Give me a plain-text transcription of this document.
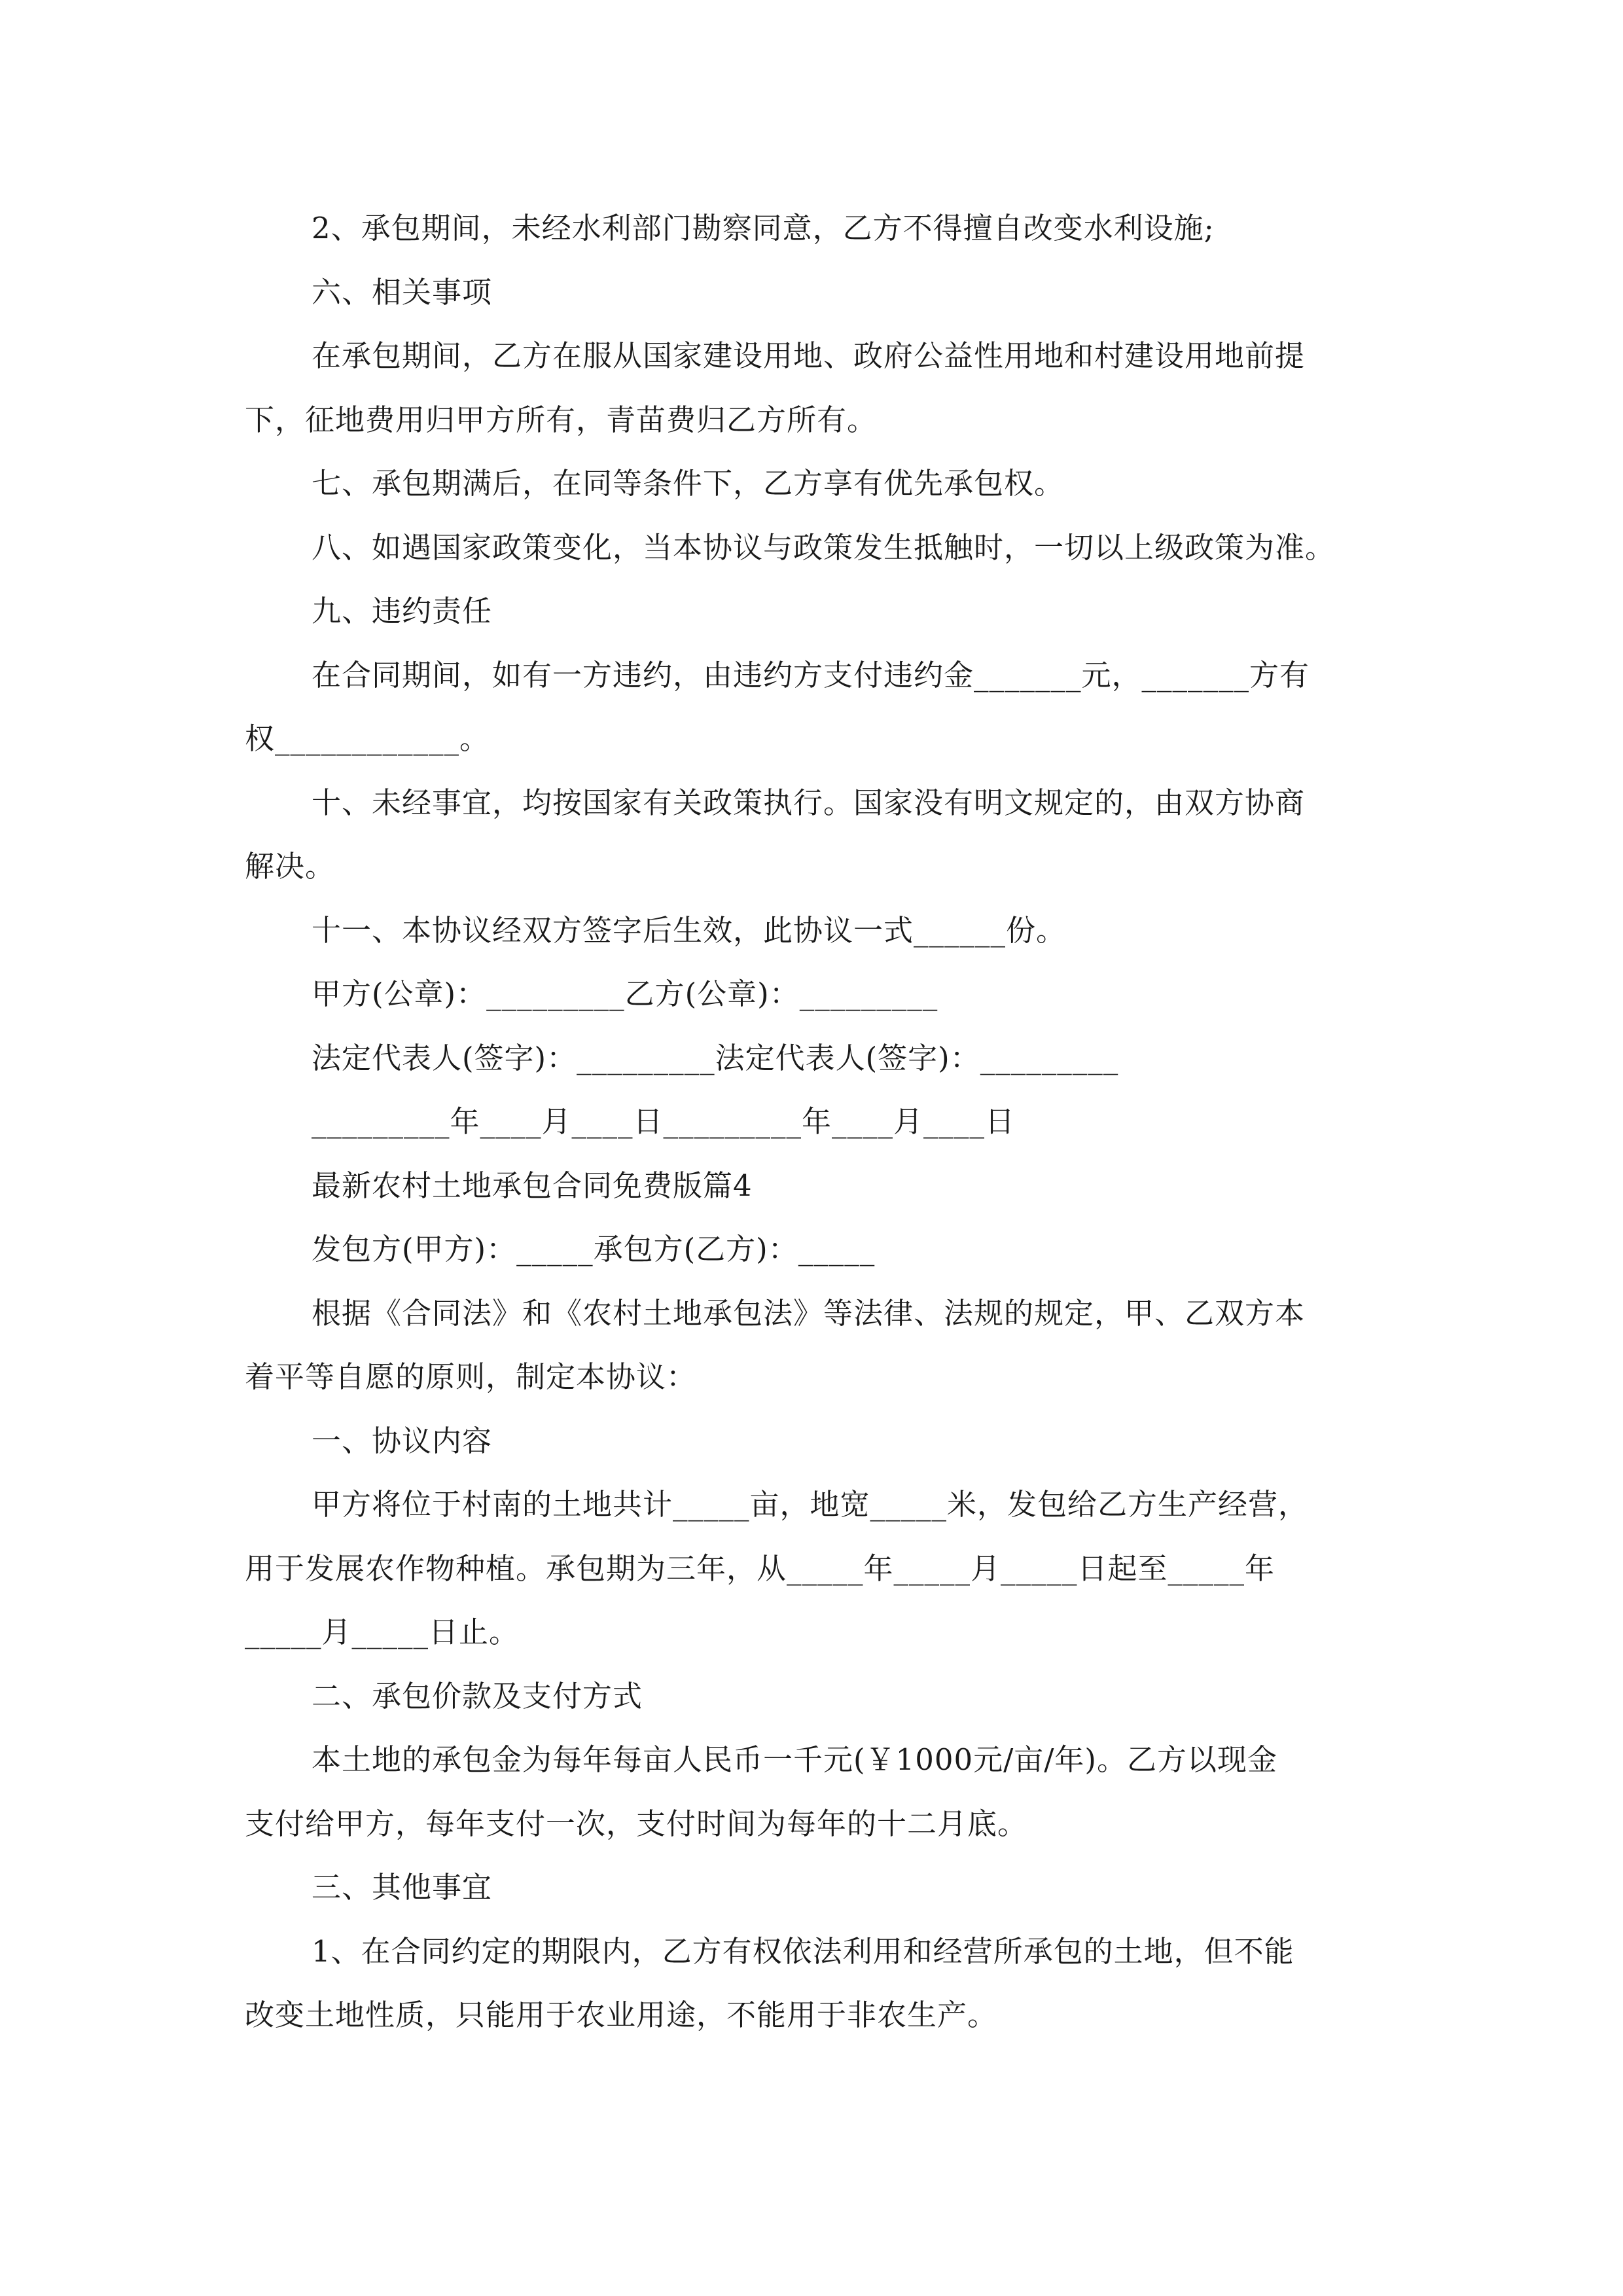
2、承包期间，未经水利部门勘察同意，乙方不得擅自改变水利设施;

六、相关事项

在承包期间，乙方在服从国家建设用地、政府公益性用地和村建设用地前提

下，征地费用归甲方所有，青苗费归乙方所有。

七、承包期满后，在同等条件下，乙方享有优先承包权。

八、如遇国家政策变化，当本协议与政策发生抵触时，一切以上级政策为准。

九、违约责任

在合同期间，如有一方违约，由违约方支付违约金_______元，_______方有

权____________。

十、未经事宜，均按国家有关政策执行。国家没有明文规定的，由双方协商

解决。

十一、本协议经双方签字后生效，此协议一式______份。

甲方(公章)：_________乙方(公章)：_________

法定代表人(签字)：_________法定代表人(签字)：_________

_________年____月____日_________年____月____日

最新农村土地承包合同免费版篇4

发包方(甲方)：_____承包方(乙方)：_____

根据《合同法》和《农村土地承包法》等法律、法规的规定，甲、乙双方本

着平等自愿的原则，制定本协议：

一、协议内容

甲方将位于村南的土地共计_____亩，地宽_____米，发包给乙方生产经营，

用于发展农作物种植。承包期为三年，从_____年_____月_____日起至_____年

_____月_____日止。

二、承包价款及支付方式

本土地的承包金为每年每亩人民币一千元(￥1000元/亩/年)。乙方以现金

支付给甲方，每年支付一次，支付时间为每年的十二月底。

三、其他事宜

1、在合同约定的期限内，乙方有权依法利用和经营所承包的土地，但不能

改变土地性质，只能用于农业用途，不能用于非农生产。
